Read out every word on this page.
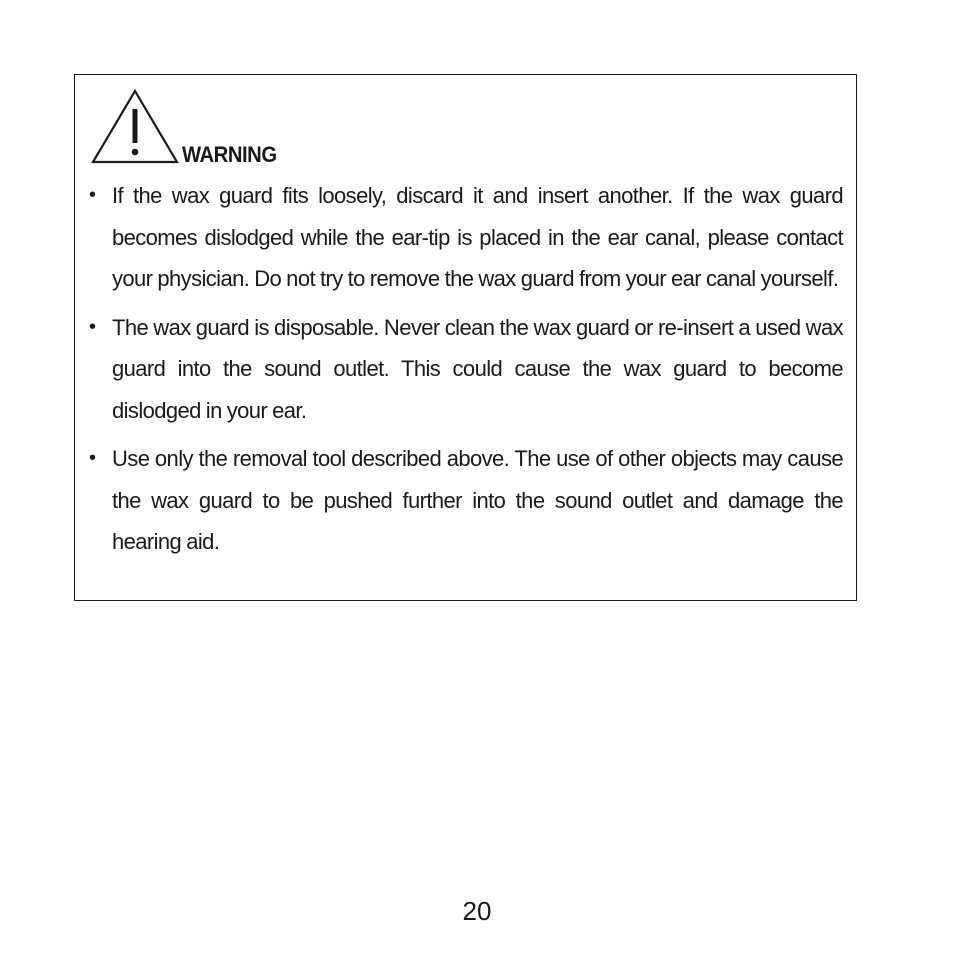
WARNING
• If the wax guard fits loosely, discard it and insert another. If the wax guard becomes dislodged while the ear-tip is placed in the ear canal, please contact your physician. Do not try to remove the wax guard from your ear canal yourself.
• The wax guard is disposable. Never clean the wax guard or re-insert a used wax guard into the sound outlet. This could cause the wax guard to become dislodged in your ear.
• Use only the removal tool described above. The use of other objects may cause the wax guard to be pushed further into the sound outlet and damage the hearing aid.
20
